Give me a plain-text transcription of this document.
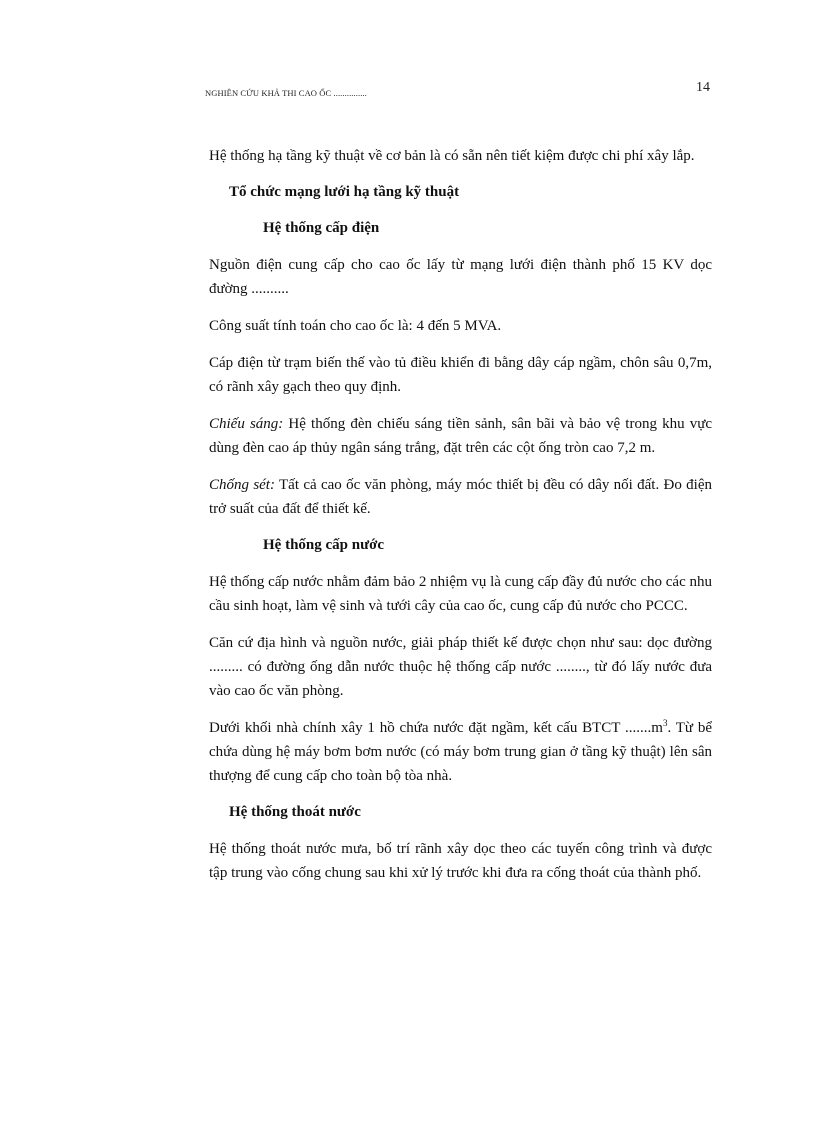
NGHIÊN CỨU KHẢ THI CAO ỐC ...............	14

Hệ thống hạ tầng kỹ thuật về cơ bản là có sẵn nên tiết kiệm được chi phí xây lắp.

Tổ chức mạng lưới hạ tầng kỹ thuật
Hệ thống cấp điện

Nguồn điện cung cấp cho cao ốc lấy từ mạng lưới điện thành phố 15 KV dọc đường ..........

Công suất tính toán cho cao ốc là: 4 đến 5 MVA.

Cáp điện từ trạm biến thế vào tủ điều khiển đi bằng dây cáp ngầm, chôn sâu 0,7m, có rãnh xây gạch theo quy định.

Chiếu sáng: Hệ thống đèn chiếu sáng tiền sảnh, sân bãi và bảo vệ trong khu vực dùng đèn cao áp thủy ngân sáng trắng, đặt trên các cột ống tròn cao 7,2 m.

Chống sét: Tất cả cao ốc văn phòng, máy móc thiết bị đều có dây nối đất. Đo điện trở suất của đất để thiết kế.

Hệ thống cấp nước

Hệ thống cấp nước nhằm đảm bảo 2 nhiệm vụ là cung cấp đầy đủ nước cho các nhu cầu sinh hoạt, làm vệ sinh và tưới cây của cao ốc, cung cấp đủ nước cho PCCC.

Căn cứ địa hình và nguồn nước, giải pháp thiết kế được chọn như sau: dọc đường ......... có đường ống dẫn nước thuộc hệ thống cấp nước ........, từ đó lấy nước đưa vào cao ốc văn phòng.

Dưới khối nhà chính xây 1 hồ chứa nước đặt ngầm, kết cấu BTCT $.......m^3$. Từ bể chứa dùng hệ máy bơm bơm nước (có máy bơm trung gian ở tầng kỹ thuật) lên sân thượng để cung cấp cho toàn bộ tòa nhà.

Hệ thống thoát nước

Hệ thống thoát nước mưa, bố trí rãnh xây dọc theo các tuyến công trình và được tập trung vào cống chung sau khi xử lý trước khi đưa ra cống thoát của thành phố.
